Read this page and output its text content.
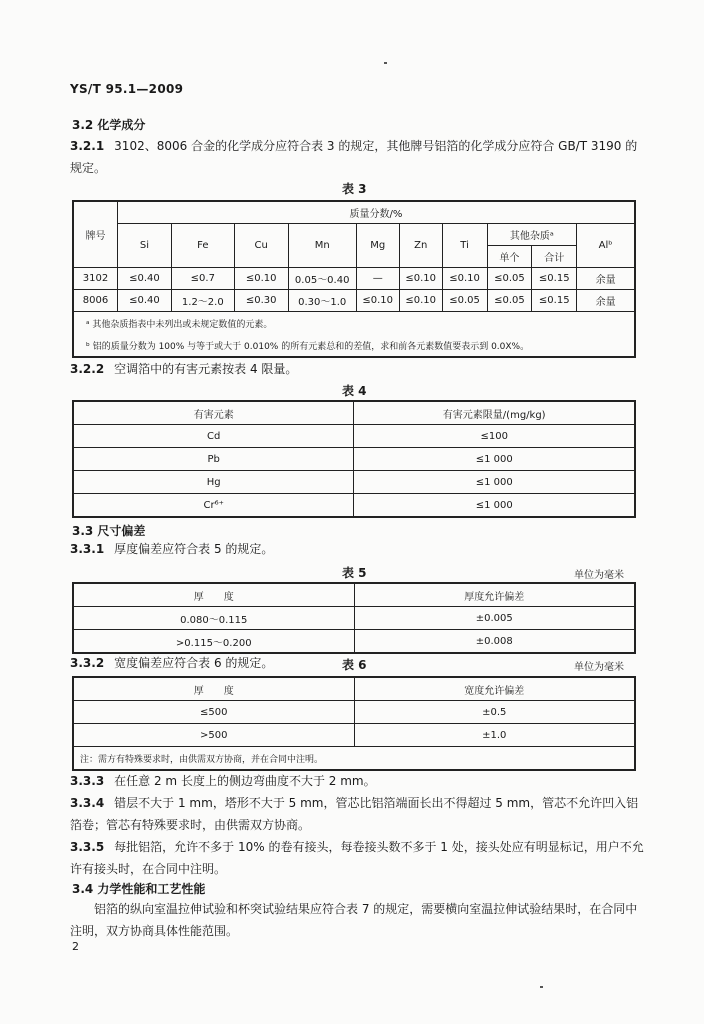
YS/T 95.1—2009
3.2 化学成分
3.2.1 3102、8006 合金的化学成分应符合表 3 的规定，其他牌号铝箔的化学成分应符合 GB/T 3190 的规定。
表 3
牌号	质量分数/%									
	Si	Fe	Cu	Mn	Mg	Zn	Ti	其他杂质ᵃ		Alᵇ
								单个	合计	
3102	≤0.40	≤0.7	≤0.10	0.05～0.40	—	≤0.10	≤0.10	≤0.05	≤0.15	余量
8006	≤0.40	1.2～2.0	≤0.30	0.30～1.0	≤0.10	≤0.10	≤0.05	≤0.05	≤0.15	余量
ᵃ 其他杂质指表中未列出或未规定数值的元素。										
ᵇ 铝的质量分数为 100% 与等于或大于 0.010% 的所有元素总和的差值，求和前各元素数值要表示到 0.0X%。										
3.2.2 空调箔中的有害元素按表 4 限量。
表 4
有害元素	有害元素限量/(mg/kg)
Cd	≤100
Pb	≤1 000
Hg	≤1 000
Cr⁶⁺	≤1 000
3.3 尺寸偏差
3.3.1 厚度偏差应符合表 5 的规定。
表 5	单位为毫米
厚　　度	厚度允许偏差
0.080～0.115	±0.005
>0.115～0.200	±0.008
3.3.2 宽度偏差应符合表 6 的规定。	表 6	单位为毫米
厚　　度	宽度允许偏差
≤500	±0.5
>500	±1.0
注：需方有特殊要求时，由供需双方协商，并在合同中注明。	
3.3.3 在任意 2 m 长度上的侧边弯曲度不大于 2 mm。
3.3.4 错层不大于 1 mm，塔形不大于 5 mm，管芯比铝箔端面长出不得超过 5 mm，管芯不允许凹入铝箔卷；管芯有特殊要求时，由供需双方协商。
3.3.5 每批铝箔，允许不多于 10% 的卷有接头，每卷接头数不多于 1 处，接头处应有明显标记，用户不允许有接头时，在合同中注明。
3.4 力学性能和工艺性能
铝箔的纵向室温拉伸试验和杯突试验结果应符合表 7 的规定，需要横向室温拉伸试验结果时，在合同中注明，双方协商具体性能范围。
2
